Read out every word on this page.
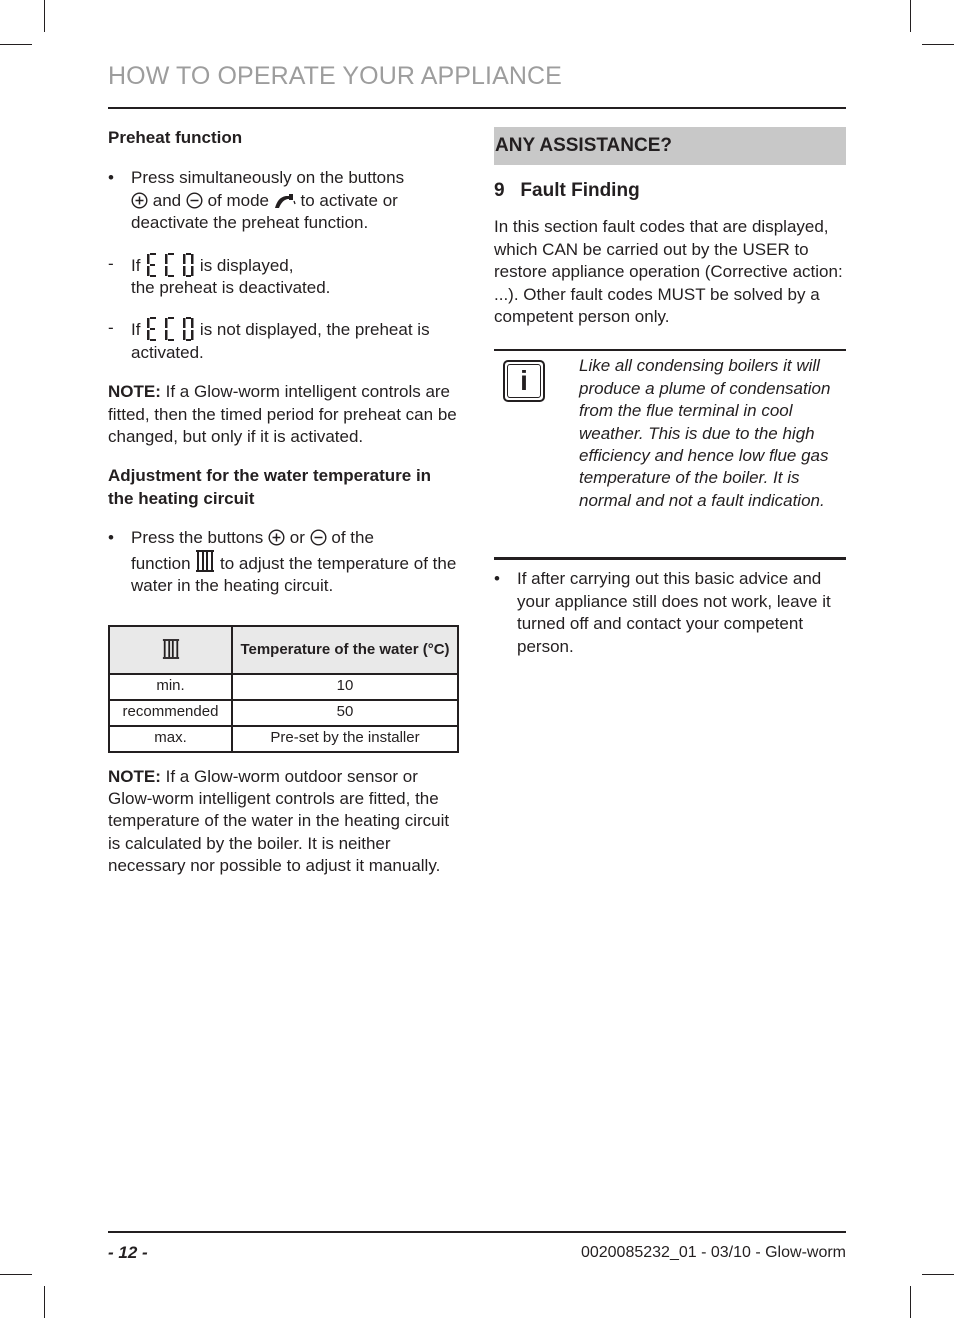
HOW TO OPERATE YOUR APPLIANCE

Preheat function

• Press simultaneously on the buttons
and of mode to activate or deactivate the preheat function.
- If	is displayed,
the preheat is deactivated.
- If	is not displayed, the preheat is activated.

NOTE: If a Glow-worm intelligent controls are fitted, then the timed period for preheat can be changed, but only if it is activated.

Adjustment for the water temperature in the heating circuit

• Press the buttons or of the
function to adjust the temperature of the water in the heating circuit.
	Temperature of the water (°C)
min.	10
recommended	50
max.	Pre-set by the installer

NOTE: If a Glow-worm outdoor sensor or Glow-worm intelligent controls are fitted, the temperature of the water in the heating circuit is calculated by the boiler. It is neither necessary nor possible to adjust it manually.

ANY ASSISTANCE?

9 Fault Finding

In this section fault codes that are displayed, which CAN be carried out by the USER to restore appliance operation (Corrective action: ...). Other fault codes MUST be solved by a competent person only.

i	Like all condensing boilers it will produce a plume of condensation from the flue terminal in cool weather. This is due to the high efficiency and hence low flue gas temperature of the boiler. It is normal and not a fault indication.
• If after carrying out this basic advice and your appliance still does not work, leave it turned off and contact your competent person.
- 12 -	0020085232_01 - 03/10 - Glow-worm
